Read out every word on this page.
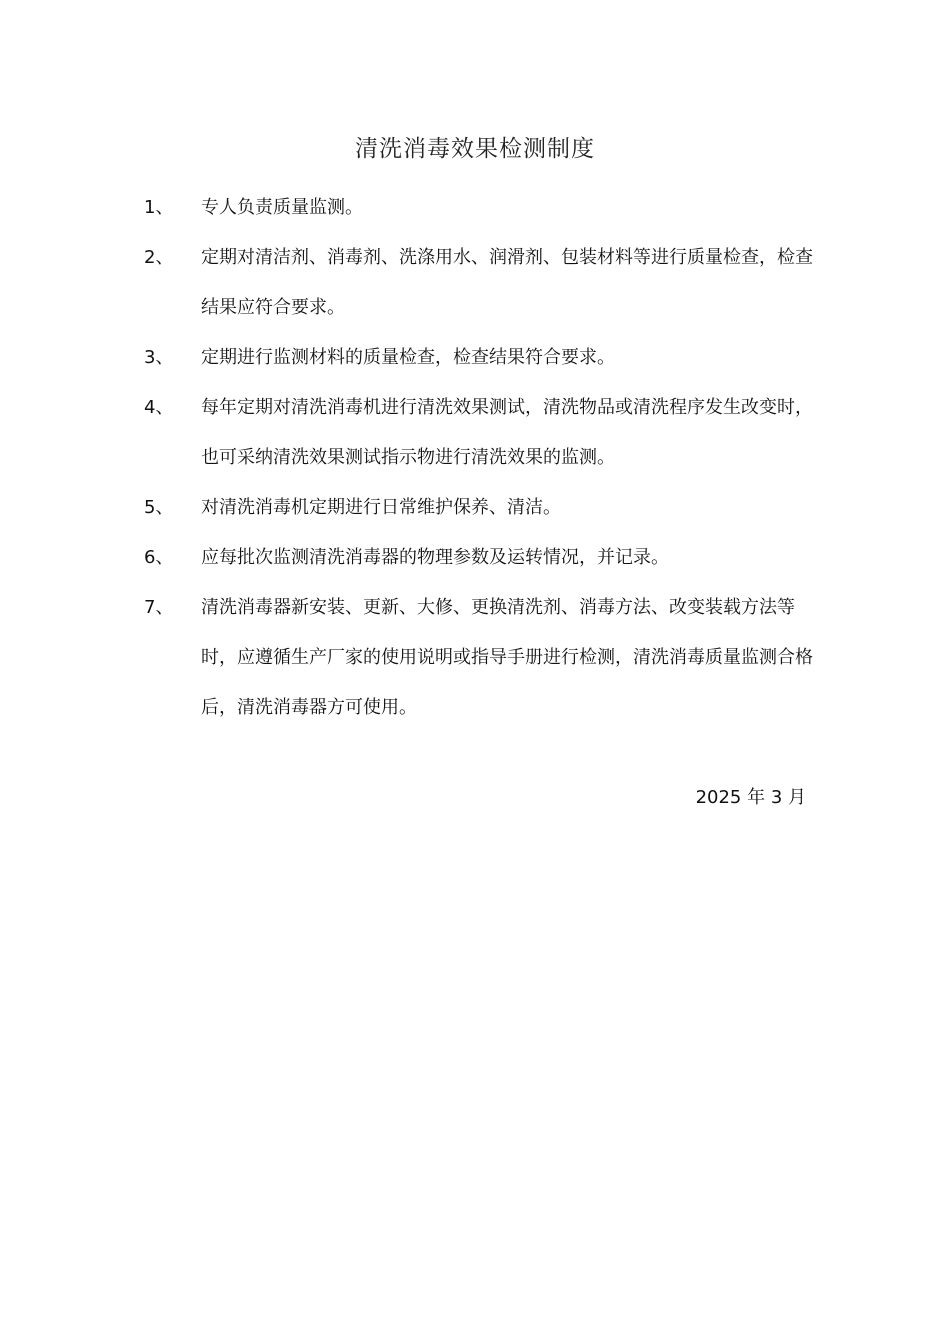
清洗消毒效果检测制度
1、	专人负责质量监测。
2、	定期对清洁剂、消毒剂、洗涤用水、润滑剂、包装材料等进行质量检查，检查结果应符合要求。
3、	定期进行监测材料的质量检查，检查结果符合要求。
4、	每年定期对清洗消毒机进行清洗效果测试，清洗物品或清洗程序发生改变时，也可采纳清洗效果测试指示物进行清洗效果的监测。
5、	对清洗消毒机定期进行日常维护保养、清洁。
6、	应每批次监测清洗消毒器的物理参数及运转情况，并记录。
7、	清洗消毒器新安装、更新、大修、更换清洗剂、消毒方法、改变装载方法等时，应遵循生产厂家的使用说明或指导手册进行检测，清洗消毒质量监测合格后，清洗消毒器方可使用。
2025 年 3 月
